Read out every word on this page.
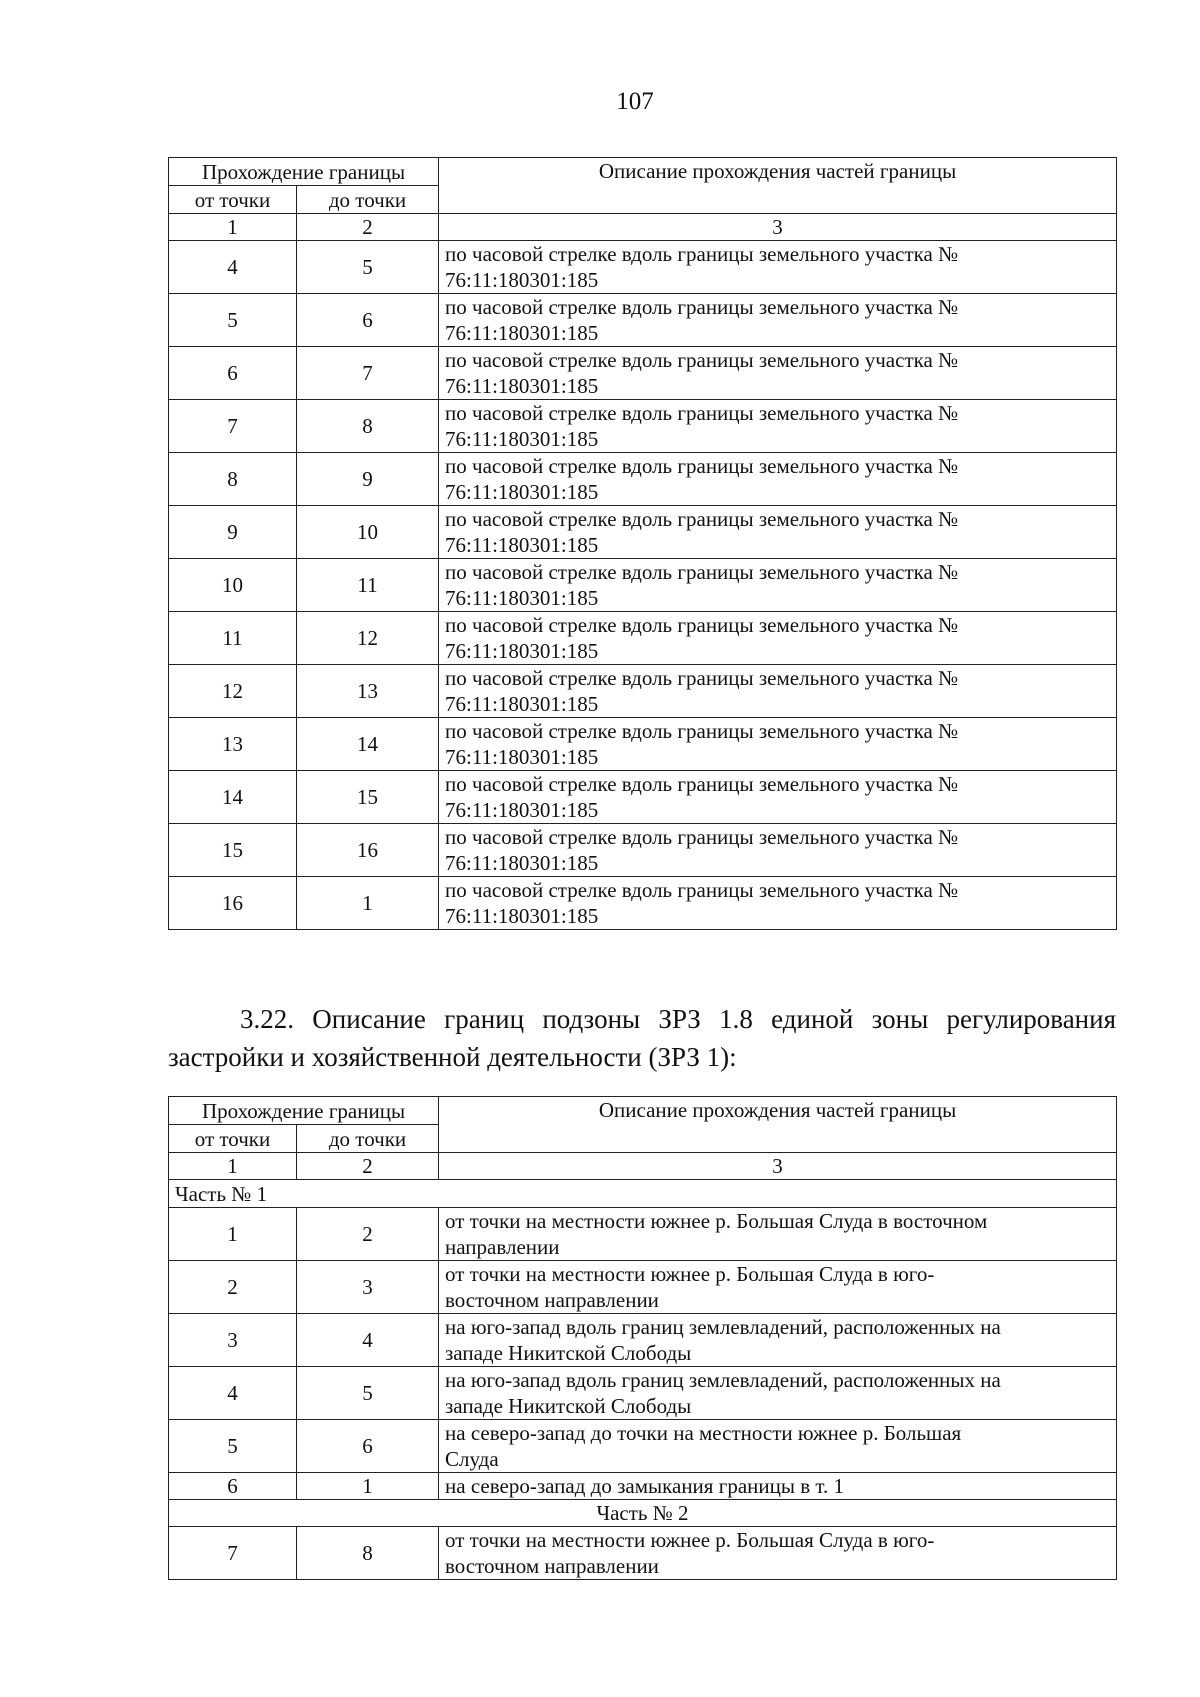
107
Прохождение границы		Описание прохождения частей границы
от точки	до точки	
1	2	3
4	5	по часовой стрелке вдоль границы земельного участка №
76:11:180301:185

5	6	по часовой стрелке вдоль границы земельного участка №
76:11:180301:185

6	7	по часовой стрелке вдоль границы земельного участка №
76:11:180301:185

7	8	по часовой стрелке вдоль границы земельного участка №
76:11:180301:185

8	9	по часовой стрелке вдоль границы земельного участка №
76:11:180301:185

9	10	по часовой стрелке вдоль границы земельного участка №
76:11:180301:185

10	11	по часовой стрелке вдоль границы земельного участка №
76:11:180301:185

11	12	по часовой стрелке вдоль границы земельного участка №
76:11:180301:185

12	13	по часовой стрелке вдоль границы земельного участка №
76:11:180301:185

13	14	по часовой стрелке вдоль границы земельного участка №
76:11:180301:185

14	15	по часовой стрелке вдоль границы земельного участка №
76:11:180301:185

15	16	по часовой стрелке вдоль границы земельного участка №
76:11:180301:185

16	1	по часовой стрелке вдоль границы земельного участка №
76:11:180301:185
3.22. Описание границ подзоны ЗРЗ 1.8 единой зоны регулирования застройки и хозяйственной деятельности (ЗРЗ 1):
Прохождение границы		Описание прохождения частей границы
от точки	до точки	
1	2	3
Часть № 1		
1	2	от точки на местности южнее р. Большая Слуда в восточном
направлении

2	3	от точки на местности южнее р. Большая Слуда в юго-
восточном направлении

3	4	на юго-запад вдоль границ землевладений, расположенных на
западе Никитской Слободы

4	5	на юго-запад вдоль границ землевладений, расположенных на
западе Никитской Слободы

5	6	на северо-запад до точки на местности южнее р. Большая
Слуда

6	1	на северо-запад до замыкания границы в т. 1

Часть № 2		
7	8	от точки на местности южнее р. Большая Слуда в юго-
восточном направлении
